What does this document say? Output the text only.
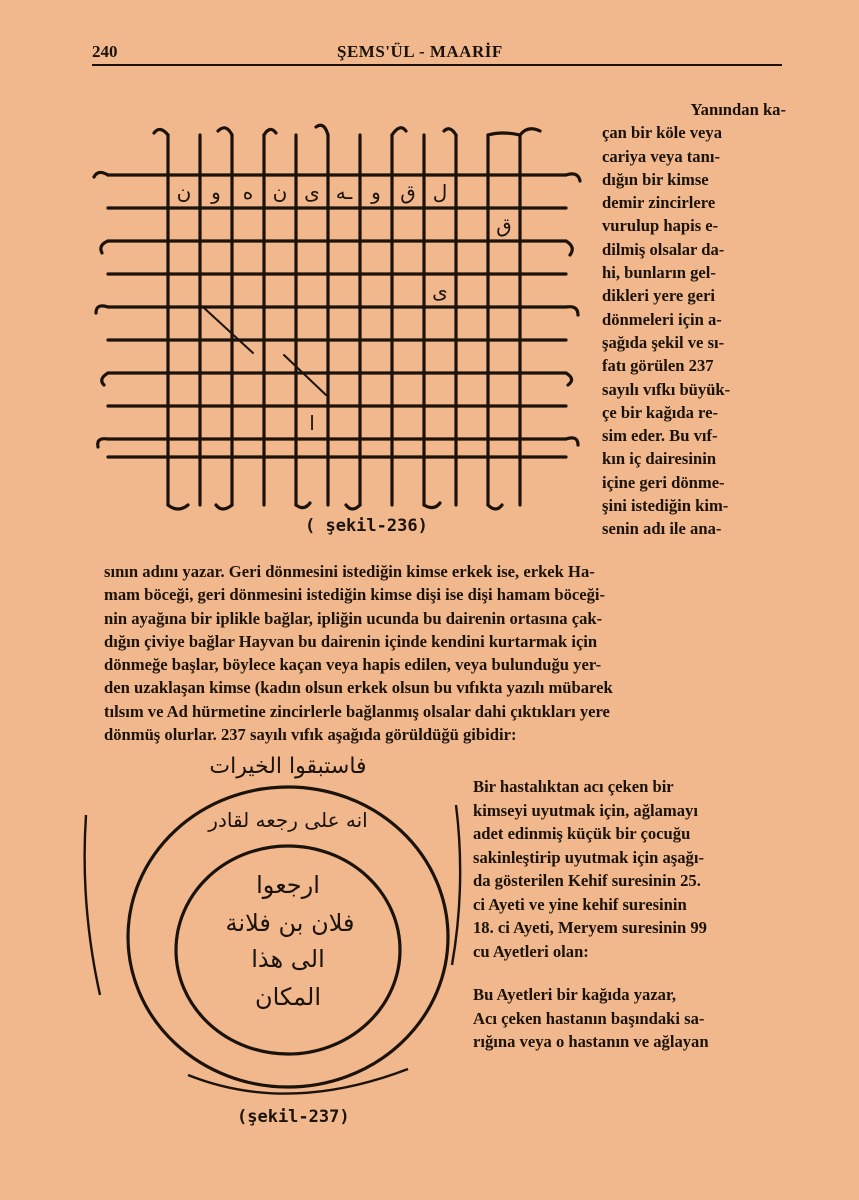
240	ŞEMS'ÜL - MAARİF
ن و ه ن ى ـه و ق ل
ق
ى
ا
( şekil-236)
Yanından ka-
çan bir köle veya
cariya veya tanı-
dığın bir kimse
demir zincirlere
vurulup hapis e-
dilmiş olsalar da-
hi, bunların gel-
dikleri yere geri
dönmeleri için a-
şağıda şekil ve sı-
fatı görülen 237
sayılı vıfkı büyük-
çe bir kağıda re-
sim eder. Bu vıf-
kın iç dairesinin
içine geri dönme-
şini istediğin kim-
senin adı ile ana-
sının adını yazar. Geri dönmesini istediğin kimse erkek ise, erkek Ha-
mam böceği, geri dönmesini istediğin kimse dişi ise dişi hamam böceği-
nin ayağına bir iplikle bağlar, ipliğin ucunda bu dairenin ortasına çak-
dığın çiviye bağlar Hayvan bu dairenin içinde kendini kurtarmak için
dönmeğe başlar, böylece kaçan veya hapis edilen, veya bulunduğu yer-
den uzaklaşan kimse (kadın olsun erkek olsun bu vıfıkta yazılı mübarek
tılsım ve Ad hürmetine zincirlerle bağlanmış olsalar dahi çıktıkları yere
dönmüş olurlar. 237 sayılı vıfık aşağıda görüldüğü gibidir:
فاستبقوا الخيرات
انه على رجعه لقادر
ارجعوا
فلان بن فلانة
الى هذا
المكان
(şekil-237)
Bir hastalıktan acı çeken bir
kimseyi uyutmak için, ağlamayı
adet edinmiş küçük bir çocuğu
sakinleştirip uyutmak için aşağı-
da gösterilen Kehif suresinin 25.
ci Ayeti ve yine kehif suresinin
18. ci Ayeti, Meryem suresinin 99
cu Ayetleri olan:
Bu Ayetleri bir kağıda yazar,
Acı çeken hastanın başındaki sa-
rığına veya o hastanın ve ağlayan
